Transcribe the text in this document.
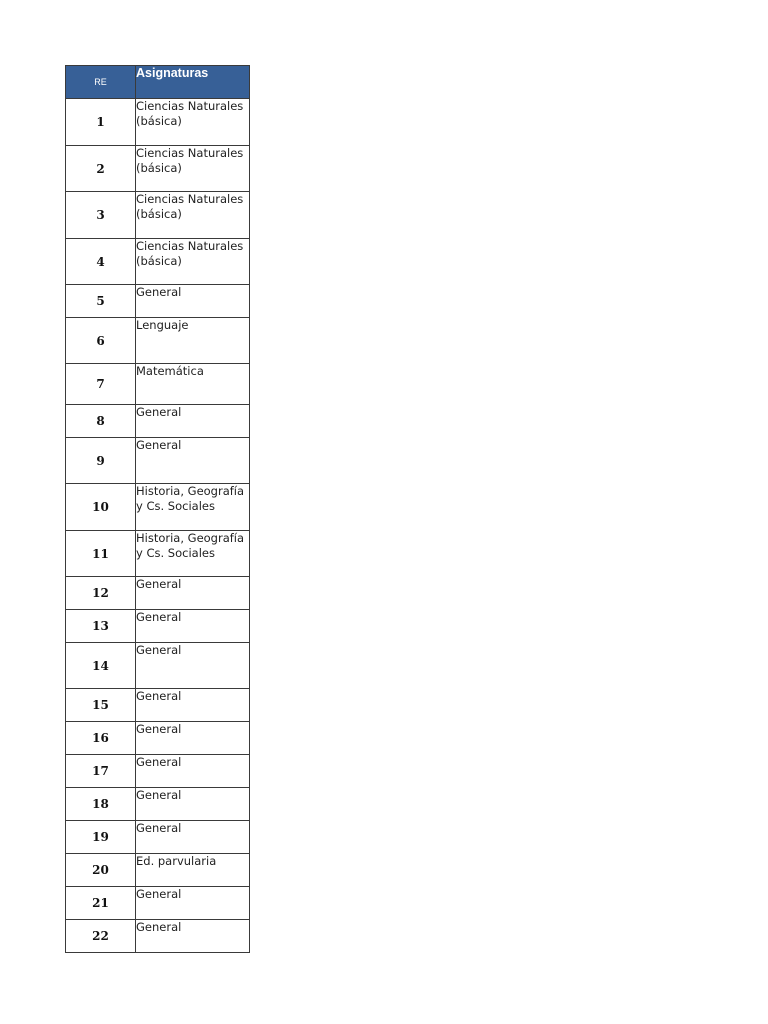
RE	Asignaturas
1	Ciencias Naturales (básica)
2	Ciencias Naturales (básica)
3	Ciencias Naturales (básica)
4	Ciencias Naturales (básica)
5	General
6	Lenguaje
7	Matemática
8	General
9	General
10	Historia, Geografía y Cs. Sociales
11	Historia, Geografía y Cs. Sociales
12	General
13	General
14	General
15	General
16	General
17	General
18	General
19	General
20	Ed. parvularia
21	General
22	General
